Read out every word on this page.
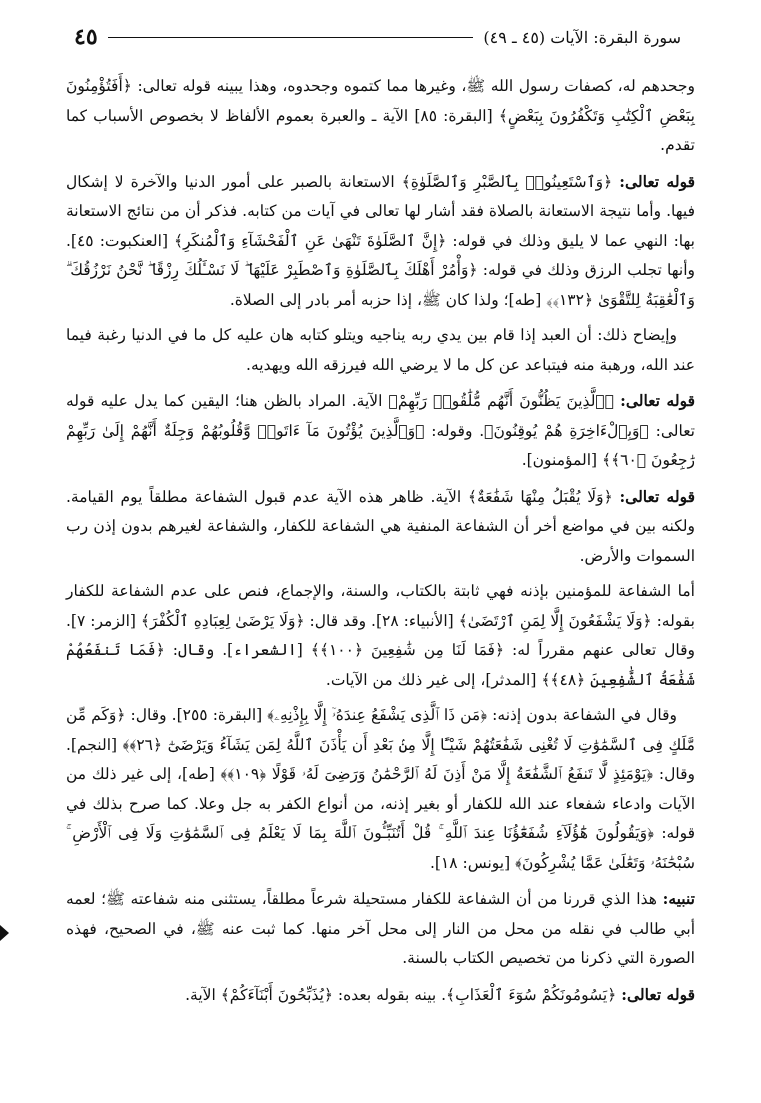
سورة البقرة: الآيات (٤٥ ـ ٤٩)
٤٥

وجحدهم له، كصفات رسول الله ﷺ، وغيرها مما كتموه وجحدوه، وهذا يبينه قوله تعالى: ﴿أَفَتُؤْمِنُونَ بِبَعْضِ ٱلْكِتَٰبِ وَتَكْفُرُونَ بِبَعْضٍ﴾ [البقرة: ٨٥] الآية ـ والعبرة بعموم الألفاظ لا بخصوص الأسباب كما تقدم.

قوله تعالى: ﴿وَٱسْتَعِينُوا۟ بِٱلصَّبْرِ وَٱلصَّلَوٰةِ﴾ الاستعانة بالصبر على أمور الدنيا والآخرة لا إشكال فيها. وأما نتيجة الاستعانة بالصلاة فقد أشار لها تعالى في آيات من كتابه. فذكر أن من نتائج الاستعانة بها: النهي عما لا يليق وذلك في قوله: ﴿إِنَّ ٱلصَّلَوٰةَ تَنْهَىٰ عَنِ ٱلْفَحْشَآءِ وَٱلْمُنكَرِ﴾ [العنكبوت: ٤٥]. وأنها تجلب الرزق وذلك في قوله: ﴿وَأْمُرْ أَهْلَكَ بِٱلصَّلَوٰةِ وَٱصْطَبِرْ عَلَيْهَا ۖ لَا نَسْـَٔلُكَ رِزْقًا ۖ نَّحْنُ نَرْزُقُكَ ۗ وَٱلْعَٰقِبَةُ لِلتَّقْوَىٰ ﴿١٣٢﴾﴾ [طه]؛ ولذا كان ﷺ، إذا حزبه أمر بادر إلى الصلاة.

وإيضاح ذلك: أن العبد إذا قام بين يدي ربه يناجيه ويتلو كتابه هان عليه كل ما في الدنيا رغبة فيما عند الله، ورهبة منه فيتباعد عن كل ما لا يرضي الله فيرزقه الله ويهديه.

قوله تعالى: ﴿ٱلَّذِينَ يَظُنُّونَ أَنَّهُم مُّلَٰقُوا۟ رَبِّهِمْ﴾ الآية. المراد بالظن هنا؛ اليقين كما يدل عليه قوله تعالى: ﴿وَبِٱلْءَاخِرَةِ هُمْ يُوقِنُونَ﴾. وقوله: ﴿وَٱلَّذِينَ يُؤْتُونَ مَآ ءَاتَوا۟ وَّقُلُوبُهُمْ وَجِلَةٌ أَنَّهُمْ إِلَىٰ رَبِّهِمْ رَٰجِعُونَ ﴿٦٠﴾﴾ [المؤمنون].

قوله تعالى: ﴿وَلَا يُقْبَلُ مِنْهَا شَفَٰعَةٌ﴾ الآية. ظاهر هذه الآية عدم قبول الشفاعة مطلقاً يوم القيامة. ولكنه بين في مواضع أخر أن الشفاعة المنفية هي الشفاعة للكفار، والشفاعة لغيرهم بدون إذن رب السموات والأرض.

أما الشفاعة للمؤمنين بإذنه فهي ثابتة بالكتاب، والسنة، والإجماع، فنص على عدم الشفاعة للكفار بقوله: ﴿وَلَا يَشْفَعُونَ إِلَّا لِمَنِ ٱرْتَضَىٰ﴾ [الأنبياء: ٢٨]. وقد قال: ﴿وَلَا يَرْضَىٰ لِعِبَادِهِ ٱلْكُفْرَ﴾ [الزمر: ٧]. وقال تعالى عنهم مقرراً له: ﴿فَمَا لَنَا مِن شَٰفِعِينَ ﴿١٠٠﴾﴾ [الشعراء]. وقال: ﴿فَمَا تَنفَعُهُمْ شَفَٰعَةُ ٱلشَّٰفِعِينَ ﴿٤٨﴾﴾ [المدثر]، إلى غير ذلك من الآيات.

وقال في الشفاعة بدون إذنه: ﴿مَن ذَا ٱلَّذِى يَشْفَعُ عِندَهُۥٓ إِلَّا بِإِذْنِهِۦ﴾ [البقرة: ٢٥٥]. وقال: ﴿وَكَم مِّن مَّلَكٍ فِى ٱلسَّمَٰوَٰتِ لَا تُغْنِى شَفَٰعَتُهُمْ شَيْـًٔا إِلَّا مِنۢ بَعْدِ أَن يَأْذَنَ ٱللَّهُ لِمَن يَشَآءُ وَيَرْضَىٰٓ ﴿٢٦﴾﴾ [النجم]. وقال: ﴿يَوْمَئِذٍ لَّا تَنفَعُ ٱلشَّفَٰعَةُ إِلَّا مَنْ أَذِنَ لَهُ ٱلرَّحْمَٰنُ وَرَضِىَ لَهُۥ قَوْلًا ﴿١٠٩﴾﴾ [طه]، إلى غير ذلك من الآيات وادعاء شفعاء عند الله للكفار أو بغير إذنه، من أنواع الكفر به جل وعلا. كما صرح بذلك في قوله: ﴿وَيَقُولُونَ هَٰٓؤُلَآءِ شُفَعَٰٓؤُنَا عِندَ ٱللَّهِ ۚ قُلْ أَتُنَبِّـُٔونَ ٱللَّهَ بِمَا لَا يَعْلَمُ فِى ٱلسَّمَٰوَٰتِ وَلَا فِى ٱلْأَرْضِ ۚ سُبْحَٰنَهُۥ وَتَعَٰلَىٰ عَمَّا يُشْرِكُونَ﴾ [يونس: ١٨].

تنبيه: هذا الذي قررنا من أن الشفاعة للكفار مستحيلة شرعاً مطلقاً، يستثنى منه شفاعته ﷺ؛ لعمه أبي طالب في نقله من محل من النار إلى محل آخر منها. كما ثبت عنه ﷺ، في الصحيح، فهذه الصورة التي ذكرنا من تخصيص الكتاب بالسنة.

قوله تعالى: ﴿يَسُومُونَكُمْ سُوٓءَ ٱلْعَذَابِ﴾. بينه بقوله بعده: ﴿يُذَبِّحُونَ أَبْنَآءَكُمْ﴾ الآية.
